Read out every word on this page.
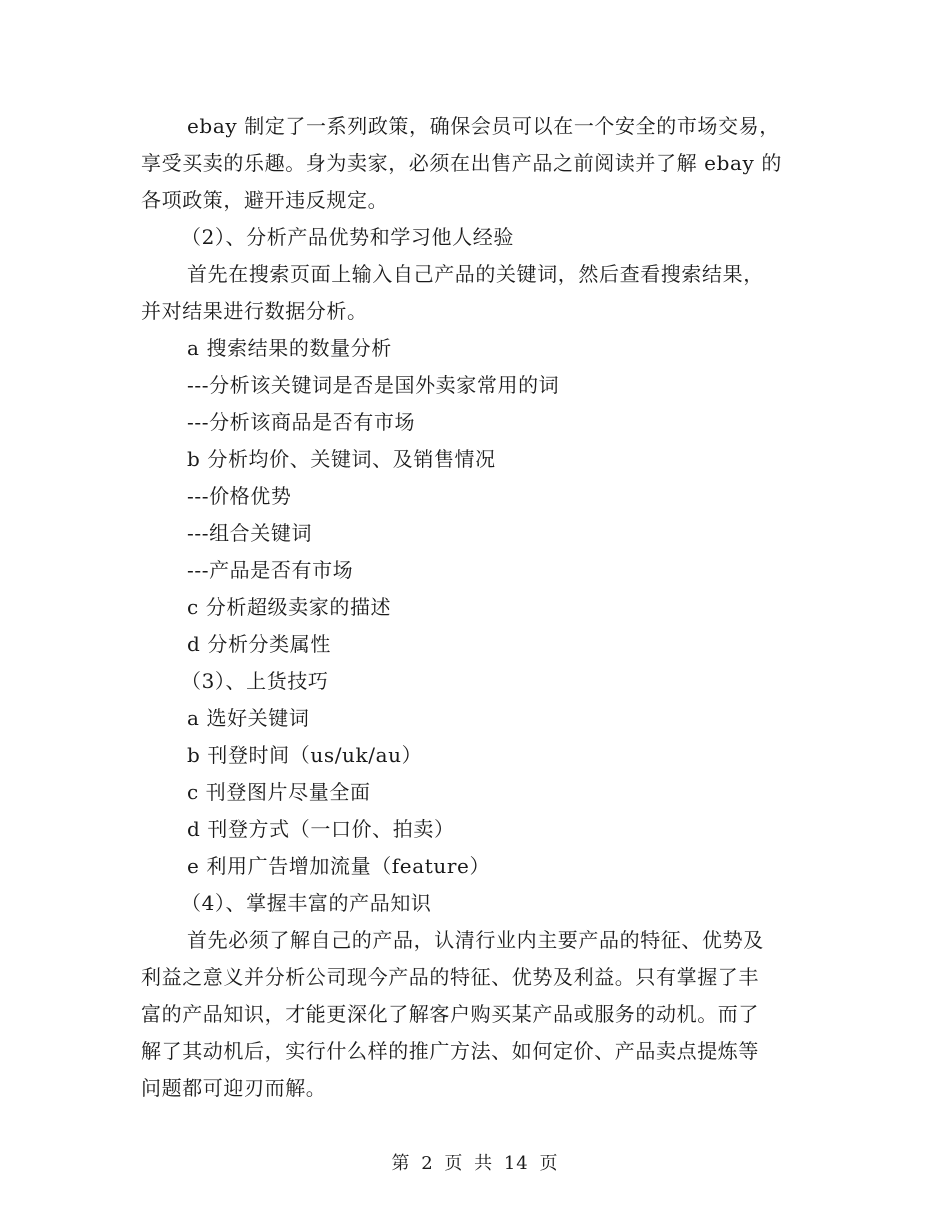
ebay 制定了一系列政策，确保会员可以在一个安全的市场交易，
享受买卖的乐趣。身为卖家，必须在出售产品之前阅读并了解 ebay 的
各项政策，避开违反规定。
（2）、分析产品优势和学习他人经验
首先在搜索页面上输入自己产品的关键词，然后查看搜索结果，
并对结果进行数据分析。
a 搜索结果的数量分析
---分析该关键词是否是国外卖家常用的词
---分析该商品是否有市场
b 分析均价、关键词、及销售情况
---价格优势
---组合关键词
---产品是否有市场
c 分析超级卖家的描述
d 分析分类属性
（3）、上货技巧
a 选好关键词
b 刊登时间（us/uk/au）
c 刊登图片尽量全面
d 刊登方式（一口价、拍卖）
e 利用广告增加流量（feature）
（4）、掌握丰富的产品知识
首先必须了解自己的产品，认清行业内主要产品的特征、优势及
利益之意义并分析公司现今产品的特征、优势及利益。只有掌握了丰
富的产品知识，才能更深化了解客户购买某产品或服务的动机。而了
解了其动机后，实行什么样的推广方法、如何定价、产品卖点提炼等
问题都可迎刃而解。
第 2 页 共 14 页
